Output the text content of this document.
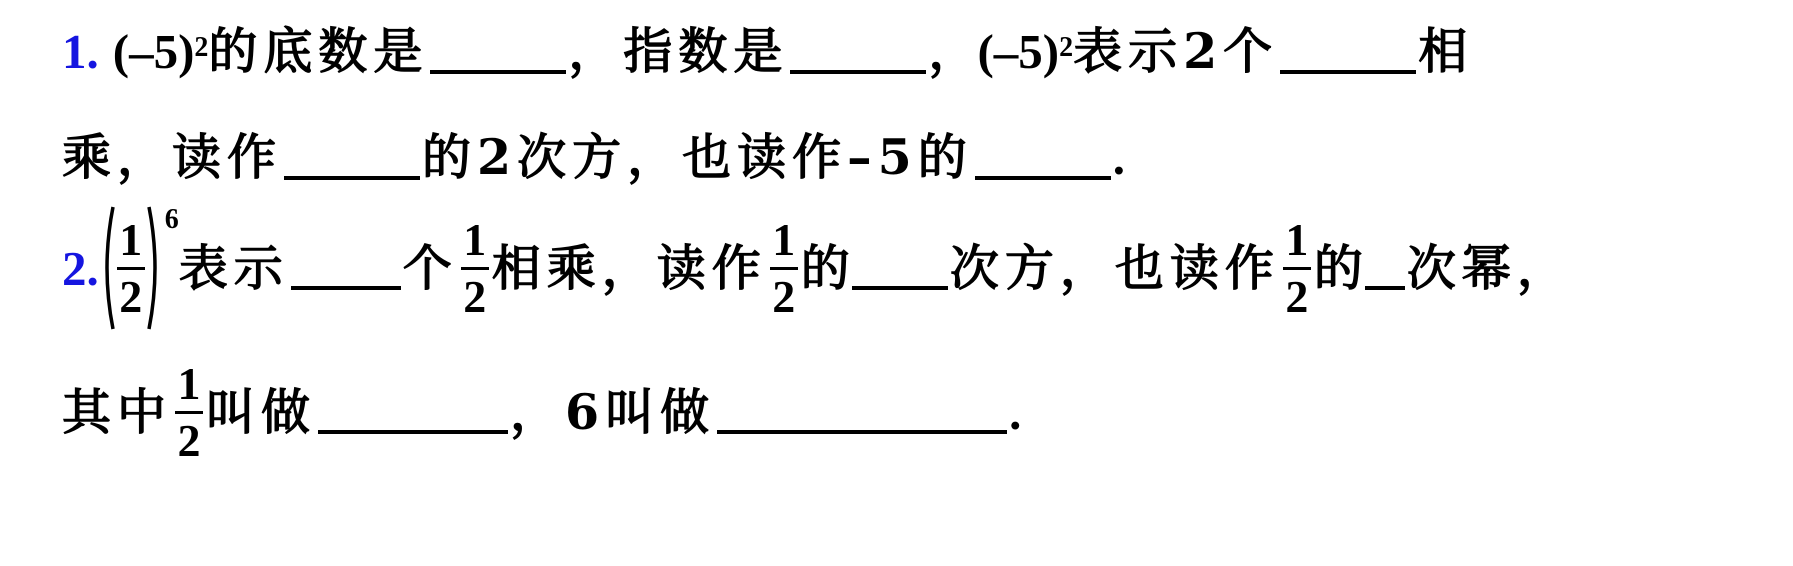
1. $(-5)^2$ 的底数是	，指数是	， $(-5)^2$ 表示2个	相
乘，读作	的2次方，也读作–5的	.
2. $\frac{1}{2} 6$
表示 个 $\frac{1}{2}$ 相乘，读作 $\frac{1}{2}$ 的 次方，也读作 $\frac{1}{2}$ 的 次幂，
其中 $\frac{1}{2}$ 叫做	，6叫做	.
